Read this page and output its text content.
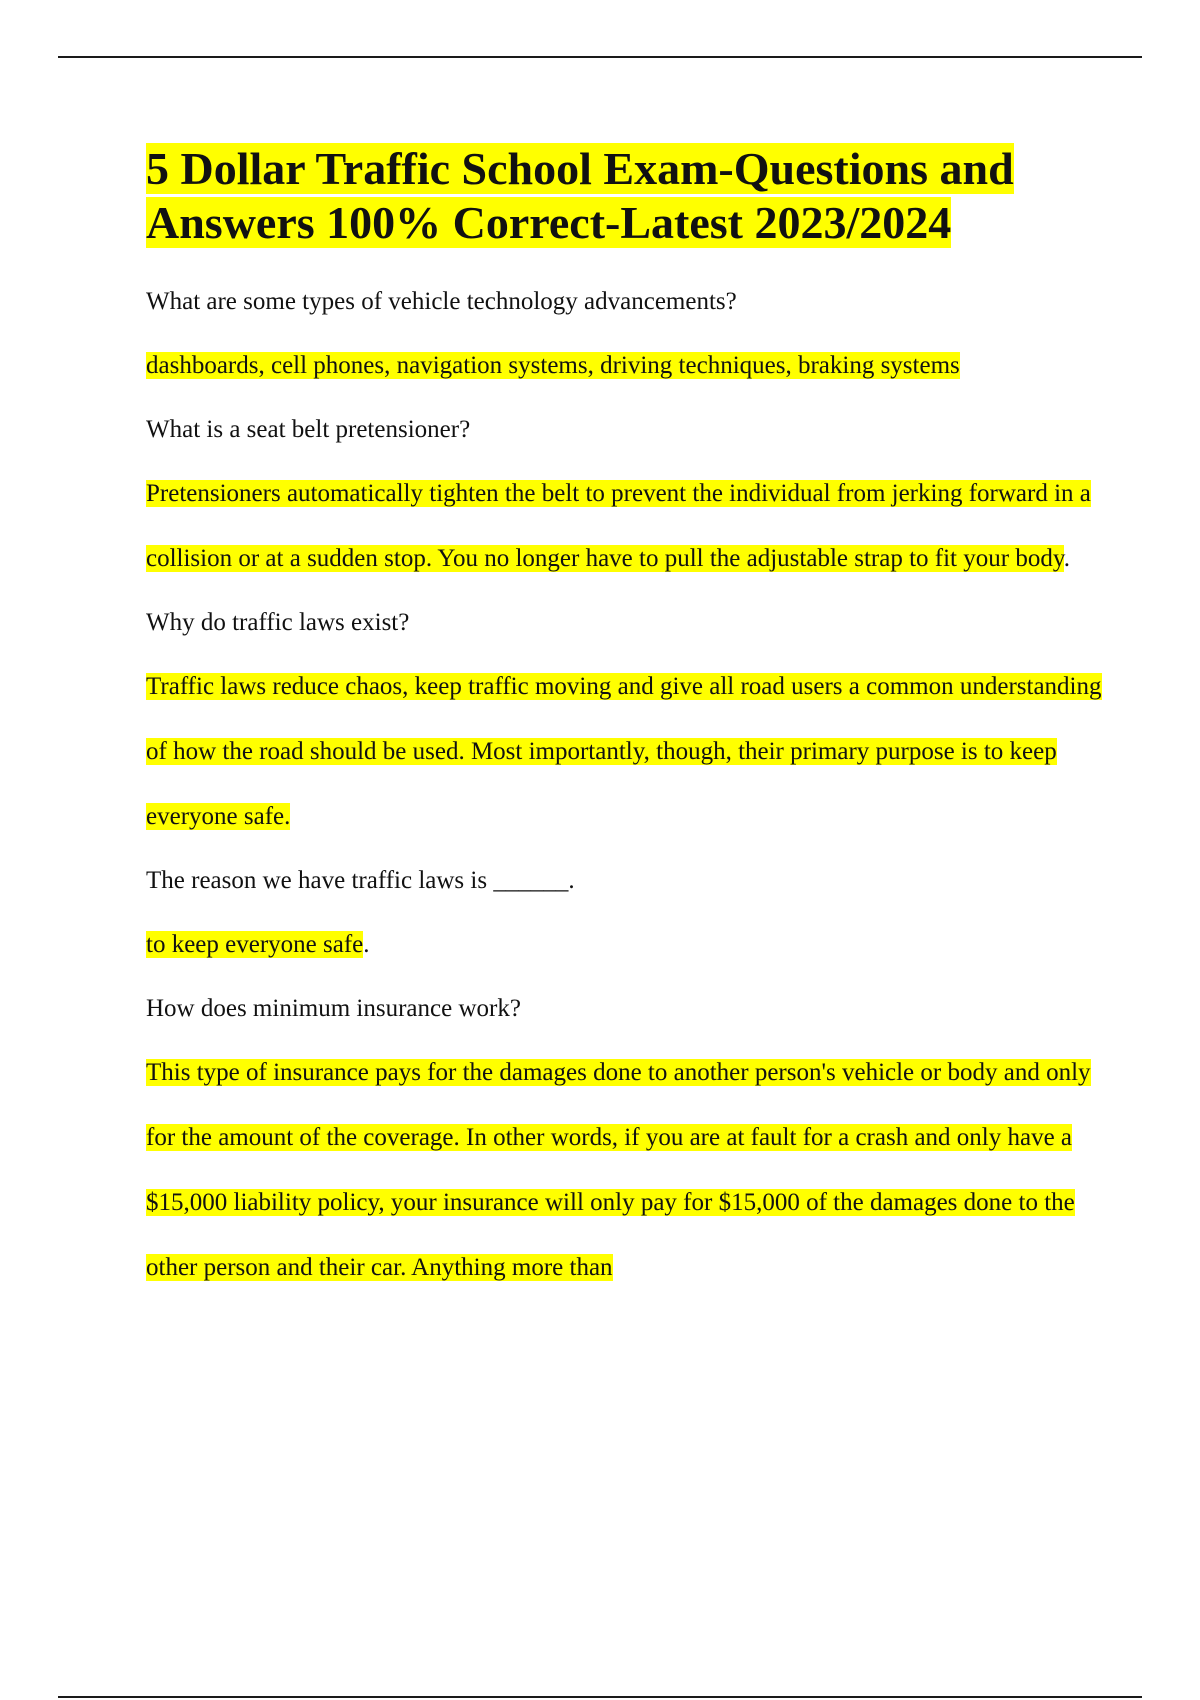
5 Dollar Traffic School Exam-Questions and Answers 100% Correct-Latest 2023/2024

What are some types of vehicle technology advancements?

dashboards, cell phones, navigation systems, driving techniques, braking systems

What is a seat belt pretensioner?

Pretensioners automatically tighten the belt to prevent the individual from jerking forward in a collision or at a sudden stop. You no longer have to pull the adjustable strap to fit your body.

Why do traffic laws exist?

Traffic laws reduce chaos, keep traffic moving and give all road users a common understanding of how the road should be used. Most importantly, though, their primary purpose is to keep everyone safe.

The reason we have traffic laws is ______.

to keep everyone safe.

How does minimum insurance work?

This type of insurance pays for the damages done to another person's vehicle or body and only for the amount of the coverage. In other words, if you are at fault for a crash and only have a $15,000 liability policy, your insurance will only pay for $15,000 of the damages done to the other person and their car. Anything more than
